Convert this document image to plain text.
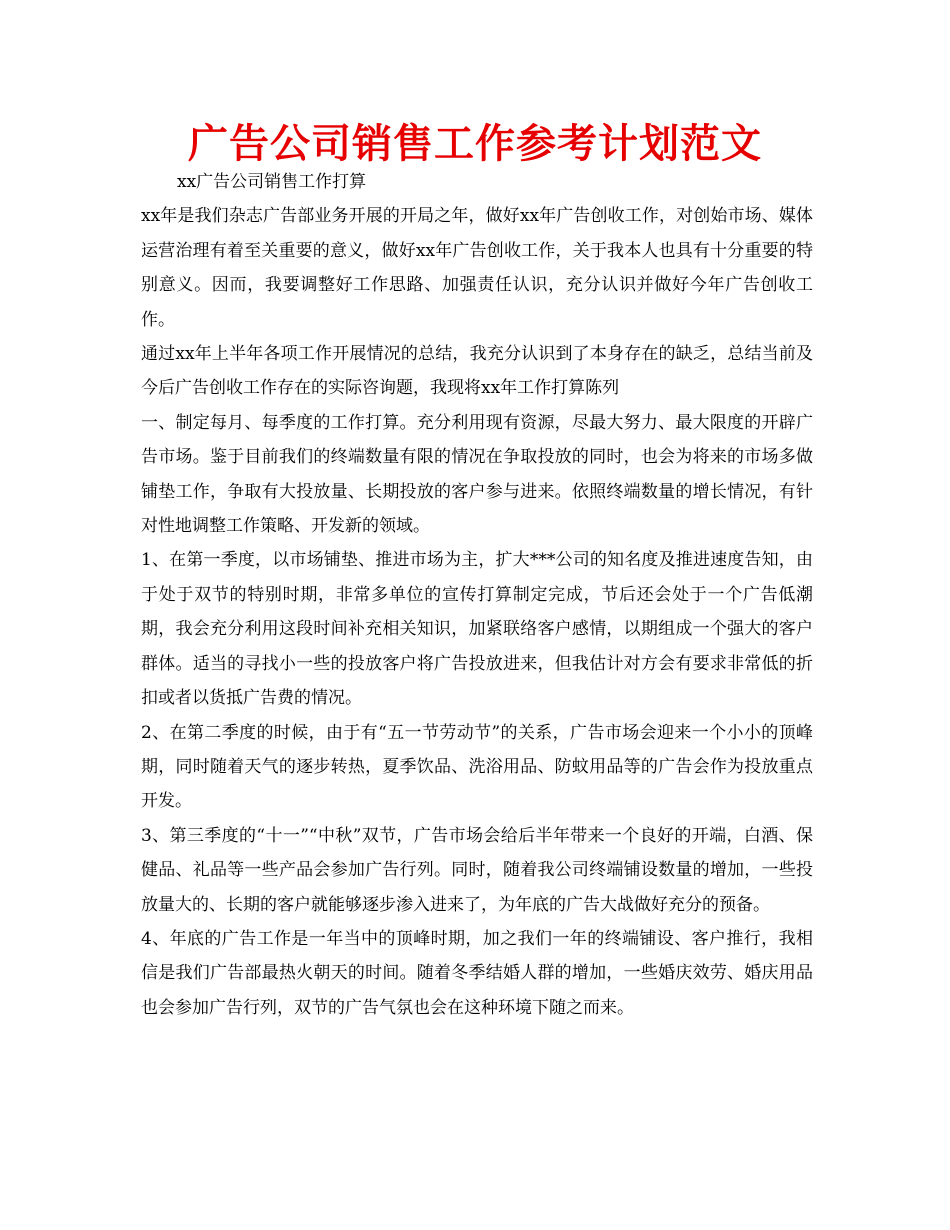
广告公司销售工作参考计划范文

xx广告公司销售工作打算

xx年是我们杂志广告部业务开展的开局之年，做好xx年广告创收工作，对创始市场、媒体运营治理有着至关重要的意义，做好xx年广告创收工作，关于我本人也具有十分重要的特别意义。因而，我要调整好工作思路、加强责任认识，充分认识并做好今年广告创收工作。

通过xx年上半年各项工作开展情况的总结，我充分认识到了本身存在的缺乏，总结当前及今后广告创收工作存在的实际咨询题，我现将xx年工作打算陈列

一、制定每月、每季度的工作打算。充分利用现有资源，尽最大努力、最大限度的开辟广告市场。鉴于目前我们的终端数量有限的情况在争取投放的同时，也会为将来的市场多做铺垫工作，争取有大投放量、长期投放的客户参与进来。依照终端数量的增长情况，有针对性地调整工作策略、开发新的领域。

1、在第一季度，以市场铺垫、推进市场为主，扩大***公司的知名度及推进速度告知，由于处于双节的特别时期，非常多单位的宣传打算制定完成，节后还会处于一个广告低潮期，我会充分利用这段时间补充相关知识，加紧联络客户感情，以期组成一个强大的客户群体。适当的寻找小一些的投放客户将广告投放进来，但我估计对方会有要求非常低的折扣或者以货抵广告费的情况。

2、在第二季度的时候，由于有“五一节劳动节”的关系，广告市场会迎来一个小小的顶峰期，同时随着天气的逐步转热，夏季饮品、洗浴用品、防蚊用品等的广告会作为投放重点开发。

3、第三季度的“十一”“中秋”双节，广告市场会给后半年带来一个良好的开端，白酒、保健品、礼品等一些产品会参加广告行列。同时，随着我公司终端铺设数量的增加，一些投放量大的、长期的客户就能够逐步渗入进来了，为年底的广告大战做好充分的预备。

4、年底的广告工作是一年当中的顶峰时期，加之我们一年的终端铺设、客户推行，我相信是我们广告部最热火朝天的时间。随着冬季结婚人群的增加，一些婚庆效劳、婚庆用品也会参加广告行列，双节的广告气氛也会在这种环境下随之而来。
